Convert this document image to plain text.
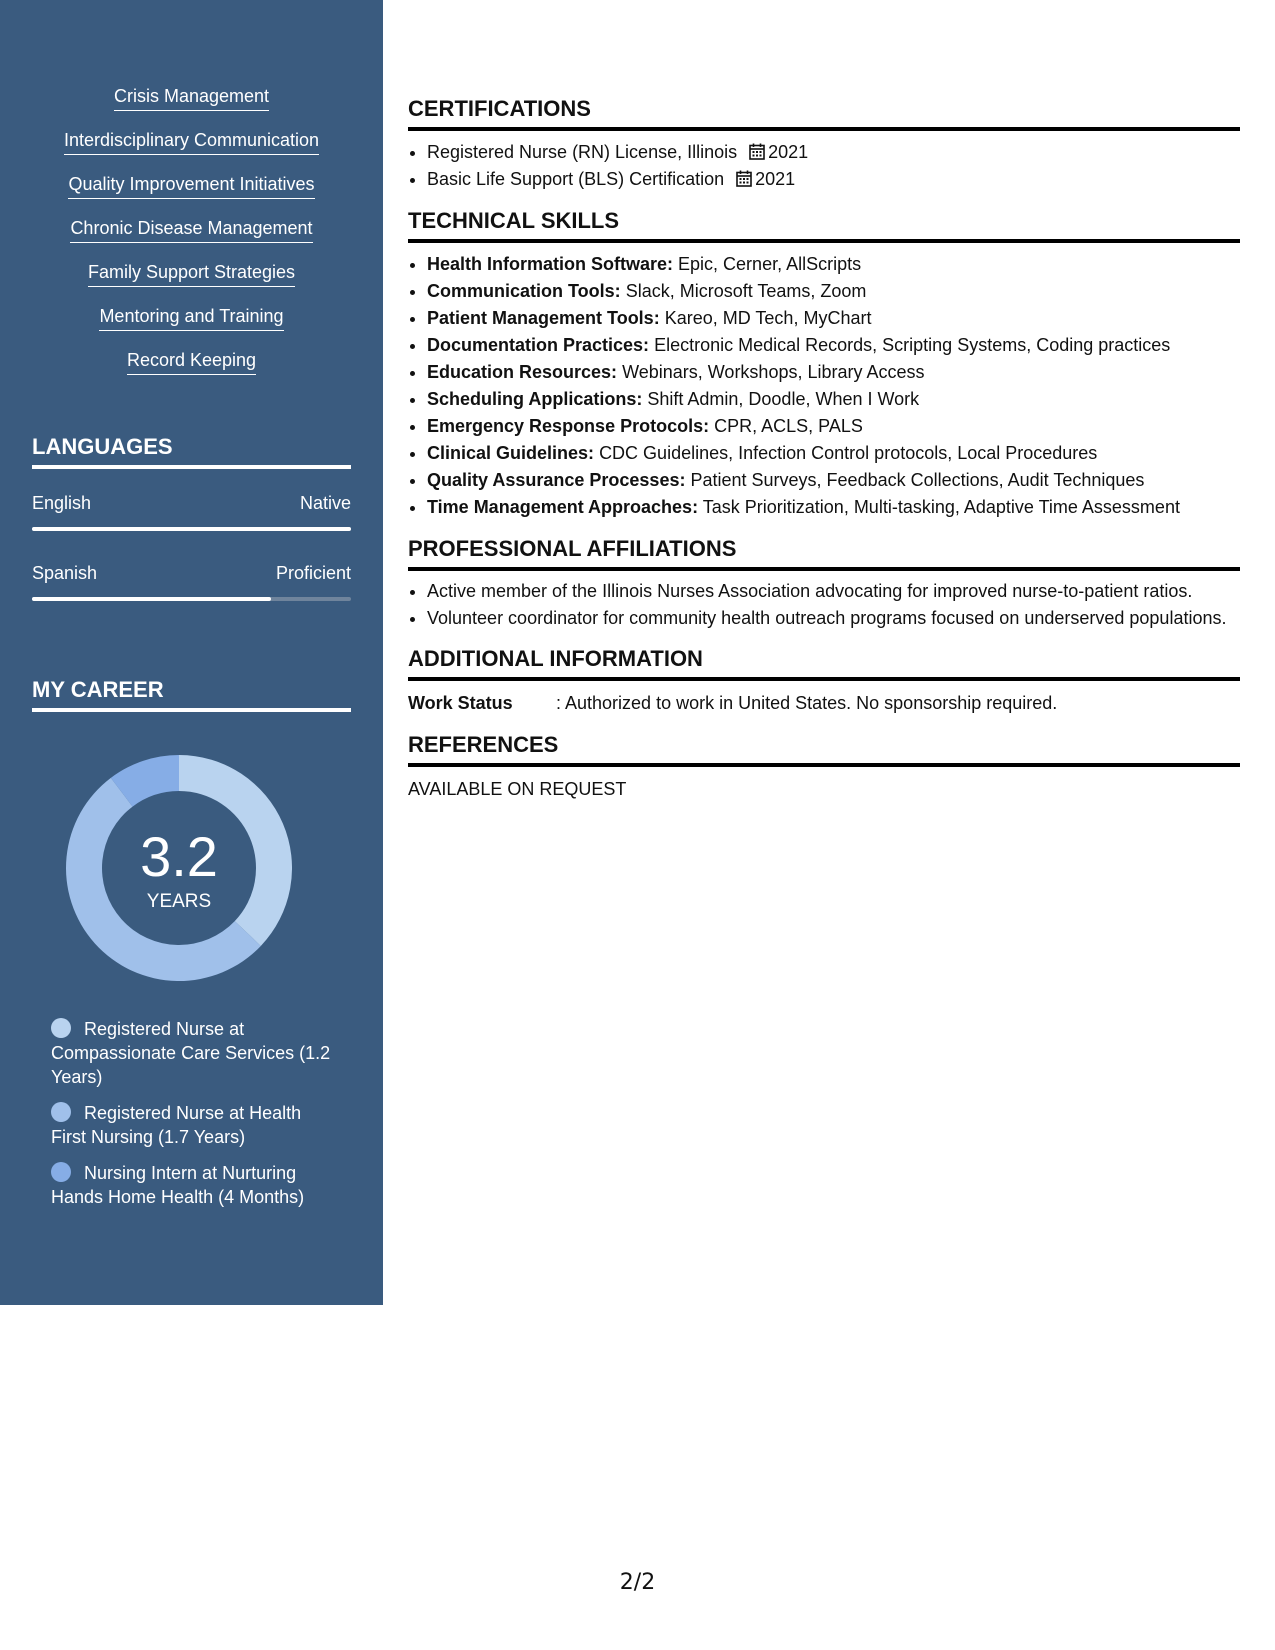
Crisis Management
Interdisciplinary Communication
Quality Improvement Initiatives
Chronic Disease Management
Family Support Strategies
Mentoring and Training
Record Keeping
LANGUAGES
English	Native
Spanish	Proficient
MY CAREER
3.2
YEARS
Registered Nurse at Compassionate Care Services (1.2 Years)
Registered Nurse at Health First Nursing (1.7 Years)
Nursing Intern at Nurturing Hands Home Health (4 Months)
CERTIFICATIONS
• Registered Nurse (RN) License, Illinois 2021
• Basic Life Support (BLS) Certification 2021
TECHNICAL SKILLS
• Health Information Software: Epic, Cerner, AllScripts
• Communication Tools: Slack, Microsoft Teams, Zoom
• Patient Management Tools: Kareo, MD Tech, MyChart
• Documentation Practices: Electronic Medical Records, Scripting Systems, Coding practices
• Education Resources: Webinars, Workshops, Library Access
• Scheduling Applications: Shift Admin, Doodle, When I Work
• Emergency Response Protocols: CPR, ACLS, PALS
• Clinical Guidelines: CDC Guidelines, Infection Control protocols, Local Procedures
• Quality Assurance Processes: Patient Surveys, Feedback Collections, Audit Techniques
• Time Management Approaches: Task Prioritization, Multi-tasking, Adaptive Time Assessment
PROFESSIONAL AFFILIATIONS
• Active member of the Illinois Nurses Association advocating for improved nurse-to-patient ratios.
• Volunteer coordinator for community health outreach programs focused on underserved populations.
ADDITIONAL INFORMATION
Work Status : Authorized to work in United States. No sponsorship required.
REFERENCES
AVAILABLE ON REQUEST
2/2
